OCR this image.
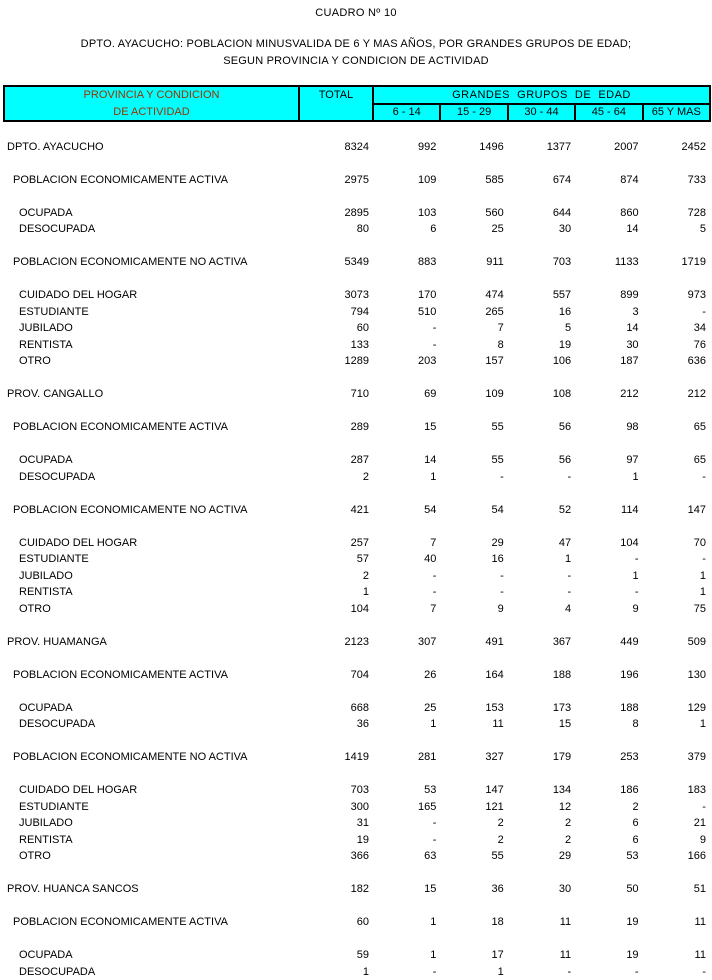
CUADRO Nº 10
DPTO. AYACUCHO: POBLACION MINUSVALIDA DE 6 Y MAS AÑOS, POR GRANDES GRUPOS DE EDAD;
SEGUN PROVINCIA Y CONDICION DE ACTIVIDAD
PROVINCIA Y CONDICION	TOTAL	GRANDES  GRUPOS  DE  EDAD				
DE ACTIVIDAD		6 - 14	15 - 29	30 - 44	45 - 64	65 Y MAS
DPTO. AYACUCHO	8324	992	1496	1377	2007	2452
POBLACION ECONOMICAMENTE ACTIVA	2975	109	585	674	874	733
OCUPADA	2895	103	560	644	860	728
DESOCUPADA	80	6	25	30	14	5
POBLACION ECONOMICAMENTE NO ACTIVA	5349	883	911	703	1133	1719
CUIDADO DEL HOGAR	3073	170	474	557	899	973
ESTUDIANTE	794	510	265	16	3	-
JUBILADO	60	-	7	5	14	34
RENTISTA	133	-	8	19	30	76
OTRO	1289	203	157	106	187	636
PROV. CANGALLO	710	69	109	108	212	212
POBLACION ECONOMICAMENTE ACTIVA	289	15	55	56	98	65
OCUPADA	287	14	55	56	97	65
DESOCUPADA	2	1	-	-	1	-
POBLACION ECONOMICAMENTE NO ACTIVA	421	54	54	52	114	147
CUIDADO DEL HOGAR	257	7	29	47	104	70
ESTUDIANTE	57	40	16	1	-	-
JUBILADO	2	-	-	-	1	1
RENTISTA	1	-	-	-	-	1
OTRO	104	7	9	4	9	75
PROV. HUAMANGA	2123	307	491	367	449	509
POBLACION ECONOMICAMENTE ACTIVA	704	26	164	188	196	130
OCUPADA	668	25	153	173	188	129
DESOCUPADA	36	1	11	15	8	1
POBLACION ECONOMICAMENTE NO ACTIVA	1419	281	327	179	253	379
CUIDADO DEL HOGAR	703	53	147	134	186	183
ESTUDIANTE	300	165	121	12	2	-
JUBILADO	31	-	2	2	6	21
RENTISTA	19	-	2	2	6	9
OTRO	366	63	55	29	53	166
PROV. HUANCA SANCOS	182	15	36	30	50	51
POBLACION ECONOMICAMENTE ACTIVA	60	1	18	11	19	11
OCUPADA	59	1	17	11	19	11
DESOCUPADA	1	-	1	-	-	-
